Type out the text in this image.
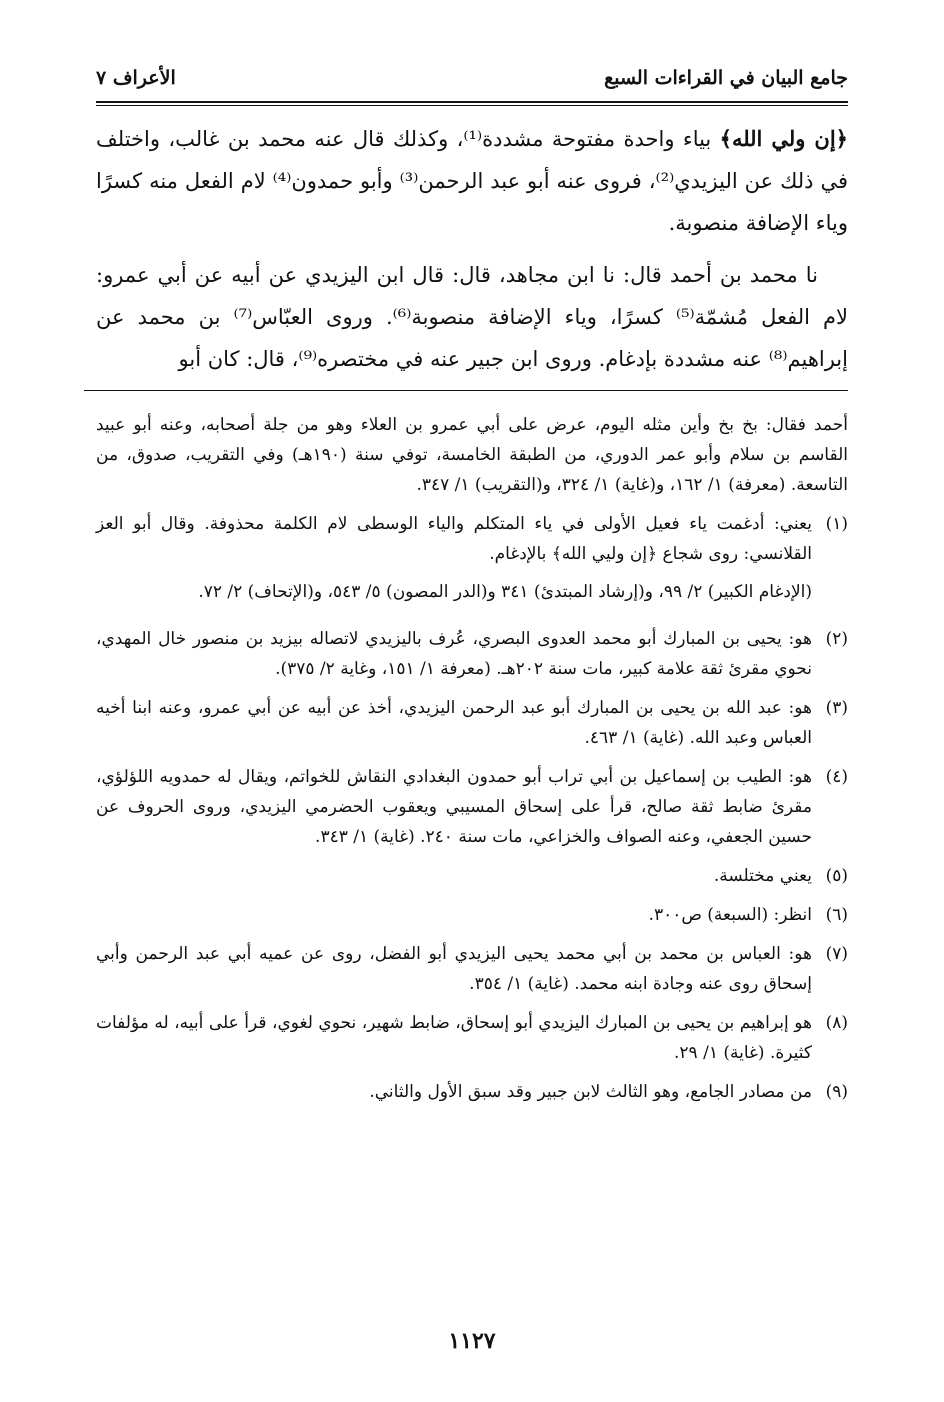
جامع البيان في القراءات السبع
الأعراف ٧

﴿إن ولي الله﴾ بياء واحدة مفتوحة مشددة⁽¹⁾، وكذلك قال عنه محمد بن غالب، واختلف في ذلك عن اليزيدي⁽²⁾، فروى عنه أبو عبد الرحمن⁽³⁾ وأبو حمدون⁽⁴⁾ لام الفعل منه كسرًا وياء الإضافة منصوبة.

نا محمد بن أحمد قال: نا ابن مجاهد، قال: قال ابن اليزيدي عن أبيه عن أبي عمرو: لام الفعل مُشمّة⁽⁵⁾ كسرًا، وياء الإضافة منصوبة⁽⁶⁾. وروى العبّاس⁽⁷⁾ بن محمد عن إبراهيم⁽⁸⁾ عنه مشددة بإدغام. وروى ابن جبير عنه في مختصره⁽⁹⁾، قال: كان أبو

أحمد فقال: بخ بخ وأين مثله اليوم، عرض على أبي عمرو بن العلاء وهو من جلة أصحابه، وعنه أبو عبيد القاسم بن سلام وأبو عمر الدوري، من الطبقة الخامسة، توفي سنة (١٩٠هـ) وفي التقريب، صدوق، من التاسعة. (معرفة) ١/ ١٦٢، و(غاية) ١/ ٣٢٤، و(التقريب) ١/ ٣٤٧.

(١)

يعني: أدغمت ياء فعيل الأولى في ياء المتكلم والياء الوسطى لام الكلمة محذوفة. وقال أبو العز القلانسي: روى شجاع ﴿إن وليي الله﴾ بالإدغام.

(الإدغام الكبير) ٢/ ٩٩، و(إرشاد المبتدئ) ٣٤١ و(الدر المصون) ٥/ ٥٤٣، و(الإتحاف) ٢/ ٧٢.

(٢)
هو: يحيى بن المبارك أبو محمد العدوى البصري، عُرف باليزيدي لاتصاله بيزيد بن منصور خال المهدي، نحوي مقرئ ثقة علامة كبير، مات سنة ٢٠٢هـ. (معرفة ١/ ١٥١، وغاية ٢/ ٣٧٥).
(٣)
هو: عبد الله بن يحيى بن المبارك أبو عبد الرحمن اليزيدي، أخذ عن أبيه عن أبي عمرو، وعنه ابنا أخيه العباس وعبد الله. (غاية) ١/ ٤٦٣.
(٤)
هو: الطيب بن إسماعيل بن أبي تراب أبو حمدون البغدادي النقاش للخواتم، ويقال له حمدويه اللؤلؤي، مقرئ ضابط ثقة صالح، قرأ على إسحاق المسيبي ويعقوب الحضرمي اليزيدي، وروى الحروف عن حسين الجعفي، وعنه الصواف والخزاعي، مات سنة ٢٤٠. (غاية) ١/ ٣٤٣.
(٥)
يعني مختلسة.
(٦)
انظر: (السبعة) ص٣٠٠.
(٧)
هو: العباس بن محمد بن أبي محمد يحيى اليزيدي أبو الفضل، روى عن عميه أبي عبد الرحمن وأبي إسحاق روى عنه وجادة ابنه محمد. (غاية) ١/ ٣٥٤.
(٨)
هو إبراهيم بن يحيى بن المبارك اليزيدي أبو إسحاق، ضابط شهير، نحوي لغوي، قرأ على أبيه، له مؤلفات كثيرة. (غاية) ١/ ٢٩.
(٩)
من مصادر الجامع، وهو الثالث لابن جبير وقد سبق الأول والثاني.
١١٢٧
